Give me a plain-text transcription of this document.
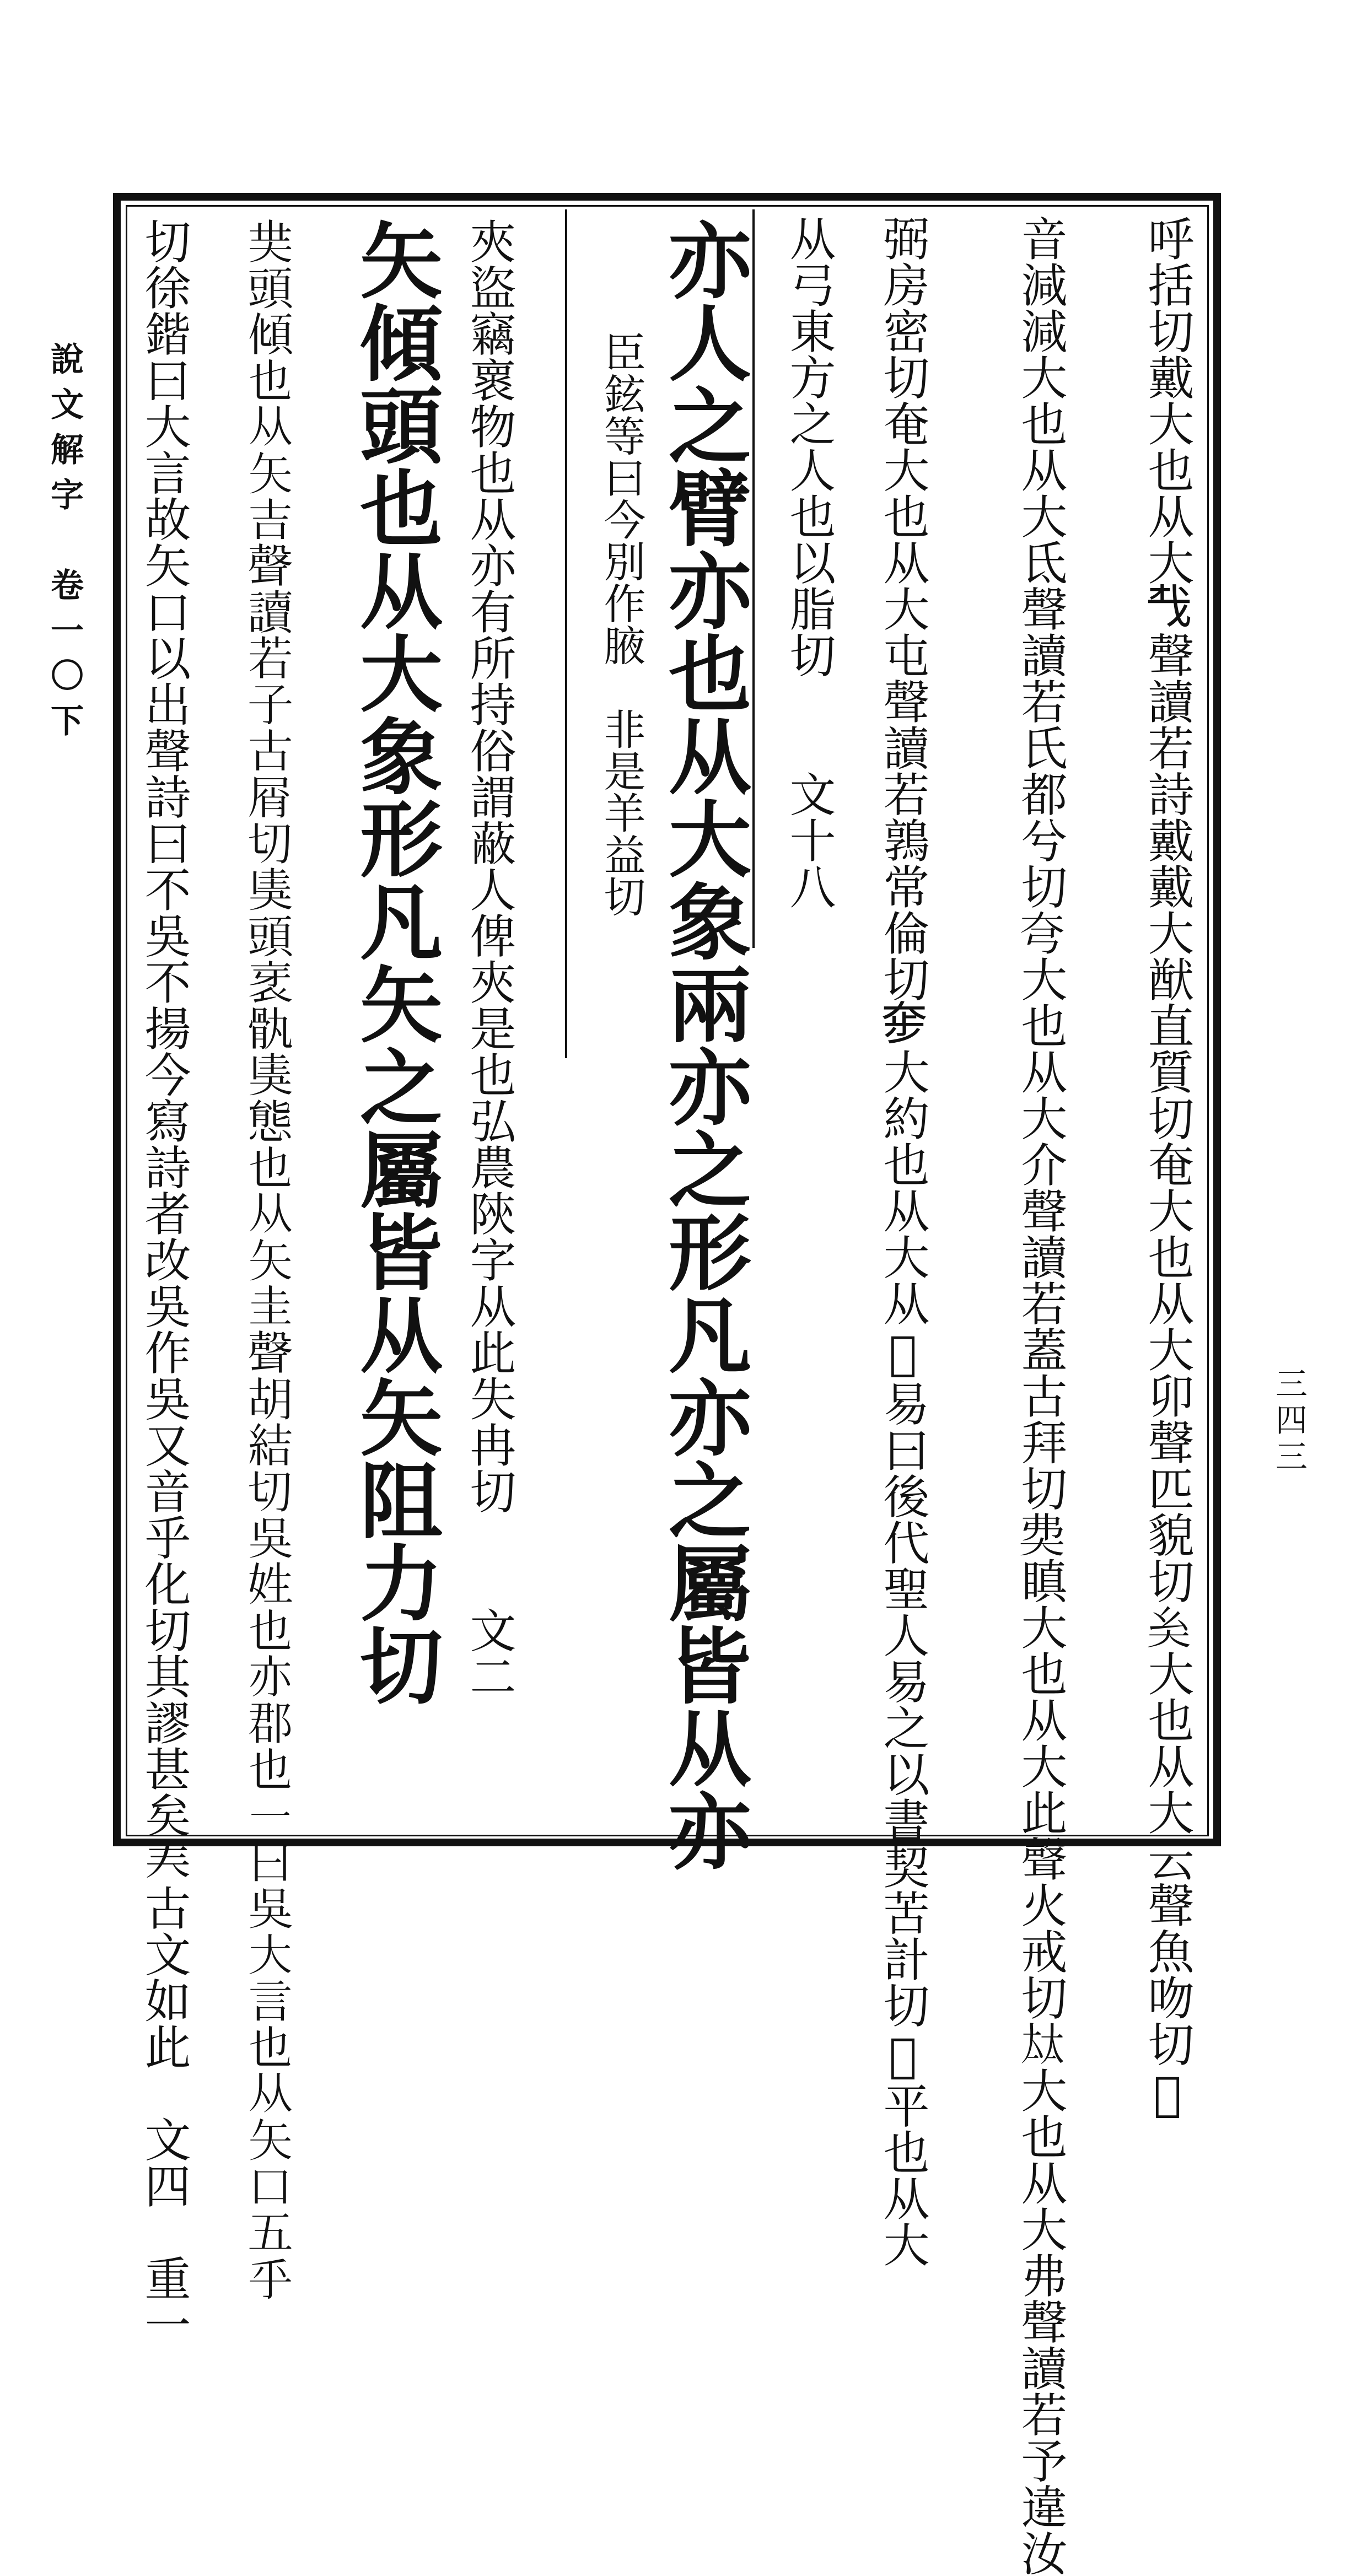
說文解字　卷一〇下
三四三
呼括切戴大也从大𢦔聲讀若詩戴戴大猷直質切奄大也从大卯聲匹貌切𡗞大也从大云聲魚吻切𡗣
音減減大也从大氐聲讀若氏都兮切𡗝大也从大介聲讀若蓋古拜切𡘉瞋大也从大此聲火戒切𡘋大也从大弗聲讀若予違汝
弼房密切奄大也从大屯聲讀若鶉常倫切𡘧大約也从大从𠟗易曰後代聖人易之以書契苦計切𡚀平也从大
从弓東方之人也以脂切　　文十八
亦人之臂亦也从大象兩亦之形凡亦之屬皆从亦
臣鉉等曰今別作腋　非是羊益切
夾盜竊褱物也从亦有所持俗謂蔽人俾夾是也弘農陝字从此失冉切　　文二
矢傾頭也从大象形凡矢之屬皆从矢阻力切
𡗿頭傾也从矢吉聲讀若子古屑切奊頭衺骫奊態也从矢圭聲胡結切吳姓也亦郡也一曰吳大言也从矢口五乎
切徐鍇曰大言故矢口以出聲詩曰不吳不揚今寫詩者改吳作吳又音乎化切其謬甚矣𡗗古文如此　文四　重一
